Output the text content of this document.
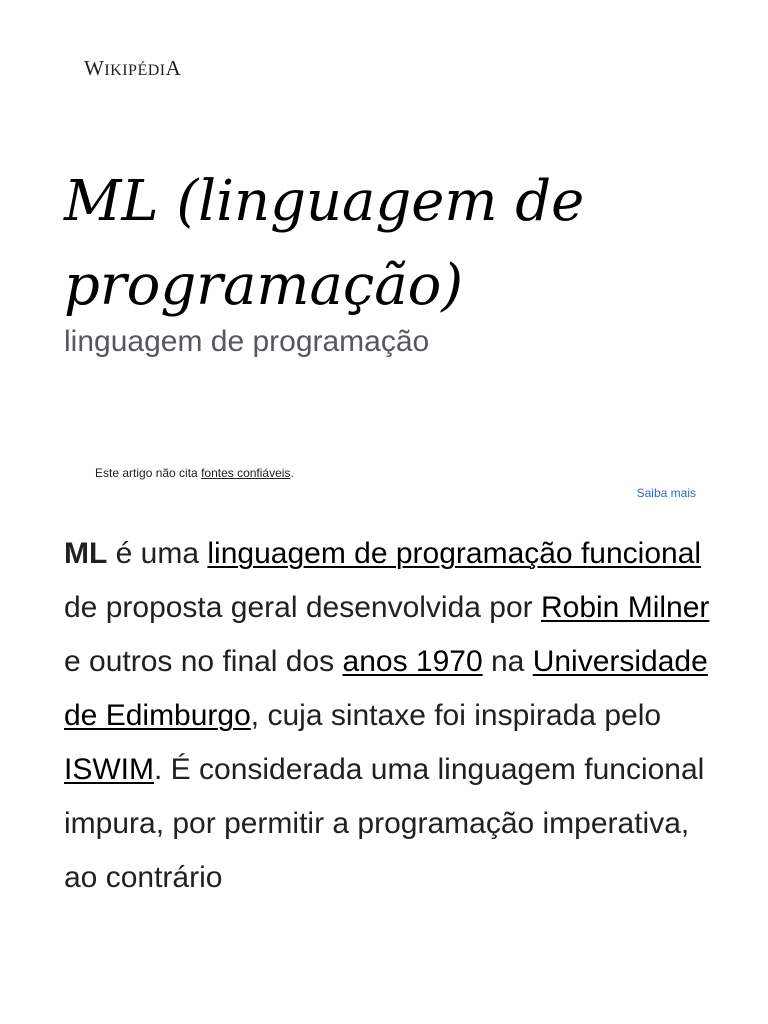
WIKIPÉDIA
ML (linguagem de programação)
linguagem de programação
Este artigo não cita fontes confiáveis.
Saiba mais

ML é uma linguagem de programação funcional de proposta geral desenvolvida por Robin Milner e outros no final dos anos 1970 na Universidade de Edimburgo, cuja sintaxe foi inspirada pelo ISWIM. É considerada uma linguagem funcional impura, por permitir a programação imperativa, ao contrário
